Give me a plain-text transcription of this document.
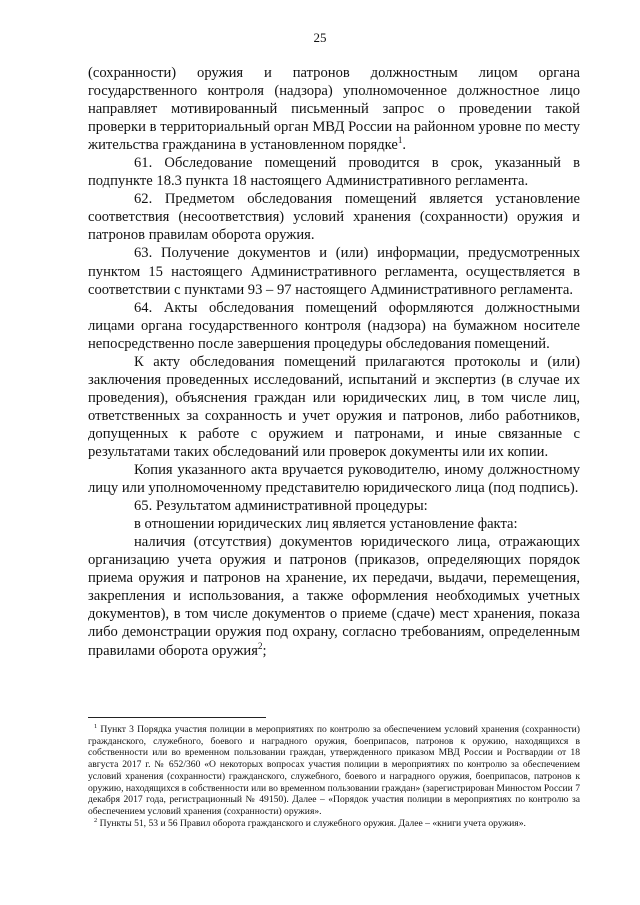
25

(сохранности) оружия и патронов должностным лицом органа государственного контроля (надзора) уполномоченное должностное лицо направляет мотивированный письменный запрос о проведении такой проверки в территориальный орган МВД России на районном уровне по месту жительства гражданина в установленном порядке$^1$.

61. Обследование помещений проводится в срок, указанный в подпункте 18.3 пункта 18 настоящего Административного регламента.

62. Предметом обследования помещений является установление соответствия (несоответствия) условий хранения (сохранности) оружия и патронов правилам оборота оружия.

63. Получение документов и (или) информации, предусмотренных пунктом 15 настоящего Административного регламента, осуществляется в соответствии с пунктами 93 – 97 настоящего Административного регламента.

64. Акты обследования помещений оформляются должностными лицами органа государственного контроля (надзора) на бумажном носителе непосредственно после завершения процедуры обследования помещений.

К акту обследования помещений прилагаются протоколы и (или) заключения проведенных исследований, испытаний и экспертиз (в случае их проведения), объяснения граждан или юридических лиц, в том числе лиц, ответственных за сохранность и учет оружия и патронов, либо работников, допущенных к работе с оружием и патронами, и иные связанные с результатами таких обследований или проверок документы или их копии.

Копия указанного акта вручается руководителю, иному должностному лицу или уполномоченному представителю юридического лица (под подпись).

65. Результатом административной процедуры:

в отношении юридических лиц является установление факта:

наличия (отсутствия) документов юридического лица, отражающих организацию учета оружия и патронов (приказов, определяющих порядок приема оружия и патронов на хранение, их передачи, выдачи, перемещения, закрепления и использования, а также оформления необходимых учетных документов), в том числе документов о приеме (сдаче) мест хранения, показа либо демонстрации оружия под охрану, согласно требованиям, определенным правилами оборота оружия$^2$;

$^1$ Пункт 3 Порядка участия полиции в мероприятиях по контролю за обеспечением условий хранения (сохранности) гражданского, служебного, боевого и наградного оружия, боеприпасов, патронов к оружию, находящихся в собственности или во временном пользовании граждан, утвержденного приказом МВД России и Росгвардии от 18 августа 2017 г. № 652/360 «О некоторых вопросах участия полиции в мероприятиях по контролю за обеспечением условий хранения (сохранности) гражданского, служебного, боевого и наградного оружия, боеприпасов, патронов к оружию, находящихся в собственности или во временном пользовании граждан» (зарегистрирован Минюстом России 7 декабря 2017 года, регистрационный № 49150). Далее – «Порядок участия полиции в мероприятиях по контролю за обеспечением условий хранения (сохранности) оружия».

$^2$ Пункты 51, 53 и 56 Правил оборота гражданского и служебного оружия. Далее – «книги учета оружия».
